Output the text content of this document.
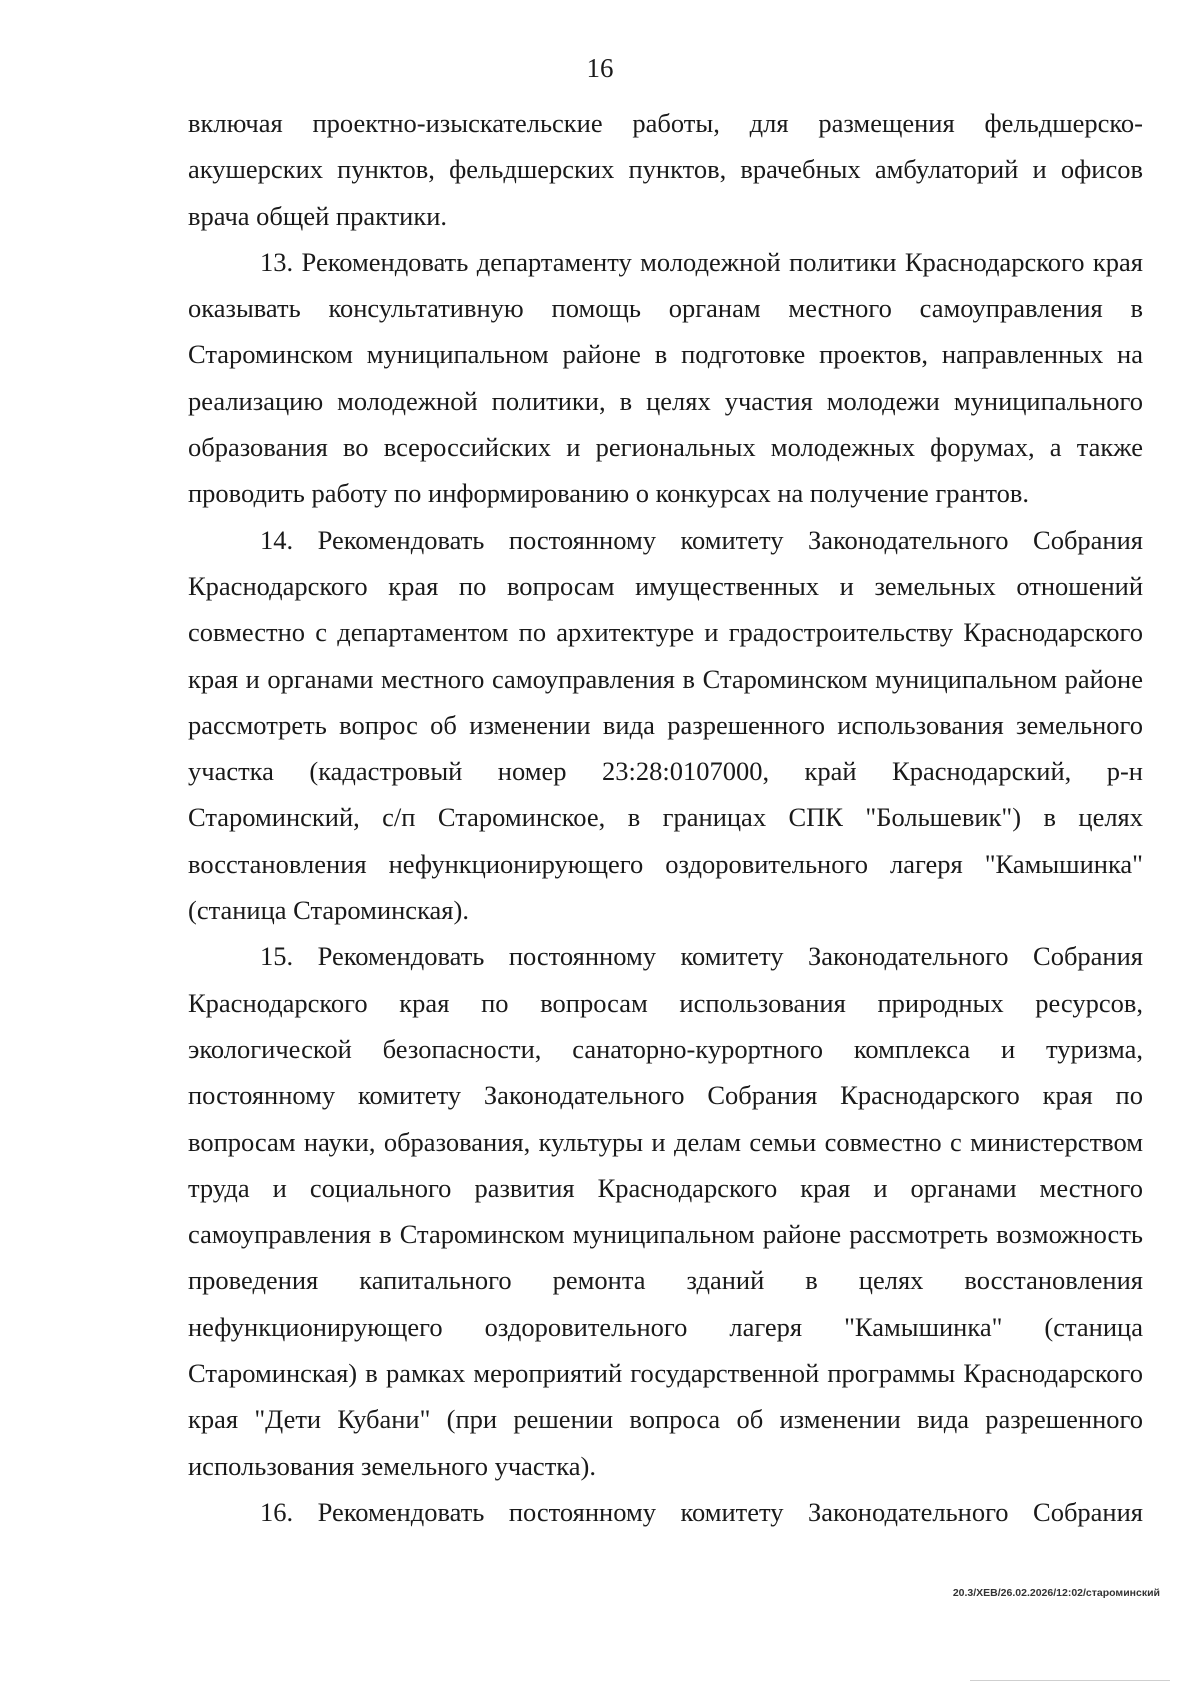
16

включая проектно-изыскательские работы, для размещения фельдшерско-акушерских пунктов, фельдшерских пунктов, врачебных амбулаторий и офисов врача общей практики.

13. Рекомендовать департаменту молодежной политики Краснодарского края оказывать консультативную помощь органам местного самоуправления в Староминском муниципальном районе в подготовке проектов, направленных на реализацию молодежной политики, в целях участия молодежи муниципального образования во всероссийских и региональных молодежных форумах, а также проводить работу по информированию о конкурсах на получение грантов.

14. Рекомендовать постоянному комитету Законодательного Собрания Краснодарского края по вопросам имущественных и земельных отношений совместно с департаментом по архитектуре и градостроительству Краснодарского края и органами местного самоуправления в Староминском муниципальном районе рассмотреть вопрос об изменении вида разрешенного использования земельного участка (кадастровый номер 23:28:0107000, край Краснодарский, р-н Староминский, с/п Староминское, в границах СПК "Большевик") в целях восстановления нефункционирующего оздоровительного лагеря "Камышинка" (станица Староминская).

15. Рекомендовать постоянному комитету Законодательного Собрания Краснодарского края по вопросам использования природных ресурсов, экологической безопасности, санаторно-курортного комплекса и туризма, постоянному комитету Законодательного Собрания Краснодарского края по вопросам науки, образования, культуры и делам семьи совместно с министерством труда и социального развития Краснодарского края и органами местного самоуправления в Староминском муниципальном районе рассмотреть возможность проведения капитального ремонта зданий в целях восстановления нефункционирующего оздоровительного лагеря "Камышинка" (станица Староминская) в рамках мероприятий государственной программы Краснодарского края "Дети Кубани" (при решении вопроса об изменении вида разрешенного использования земельного участка).

16. Рекомендовать постоянному комитету Законодательного Собрания

20.3/ХЕВ/26.02.2026/12:02/староминский
